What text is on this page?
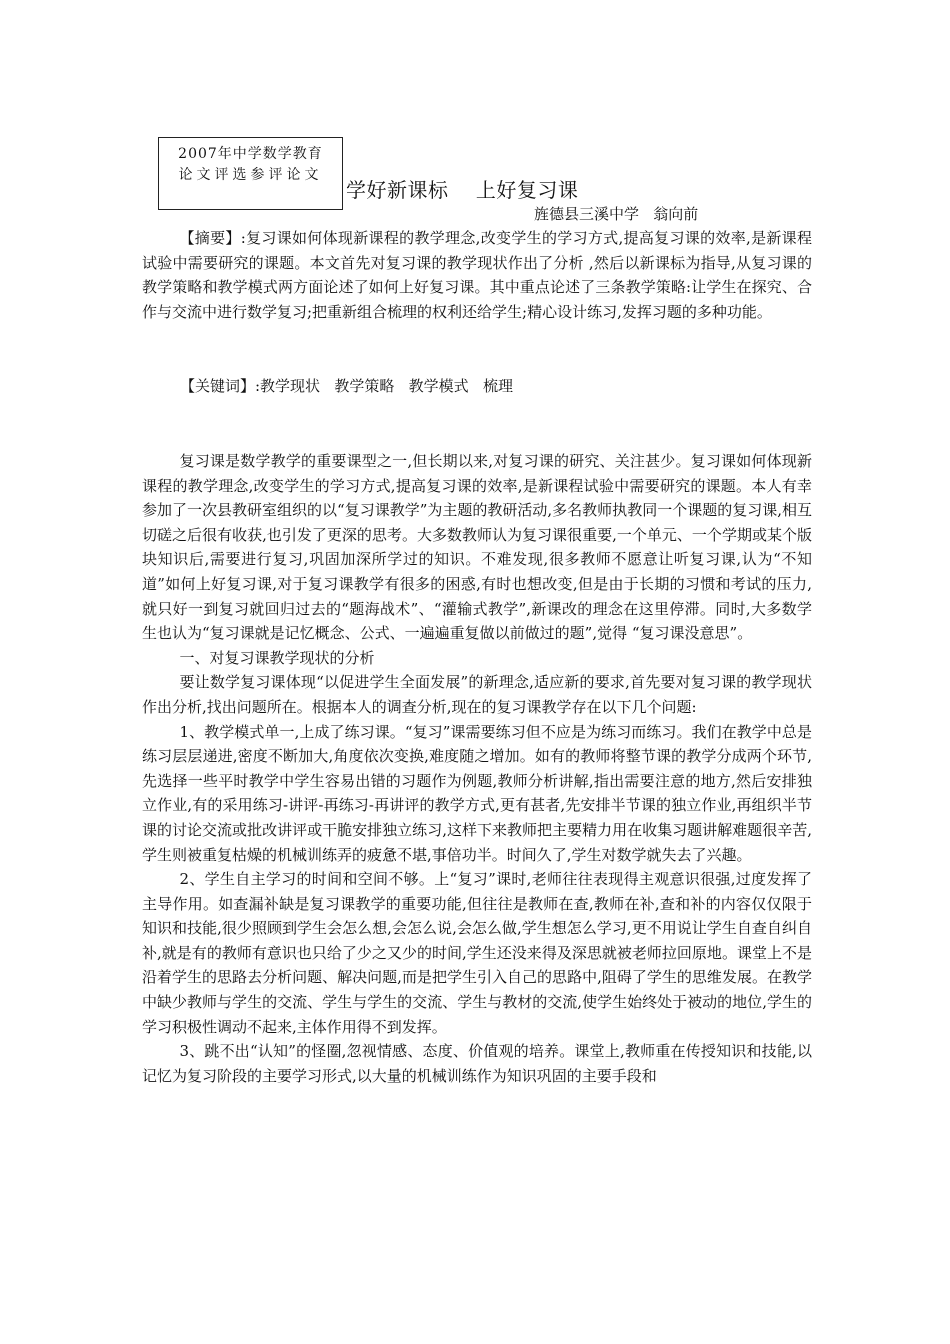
2007年中学数学教育
论文评选参评论文
学好新课标    上好复习课
旌德县三溪中学   翁向前

【摘要】:复习课如何体现新课程的教学理念,改变学生的学习方式,提高复习课的效率,是新课程试验中需要研究的课题。本文首先对复习课的教学现状作出了分析 ,然后以新课标为指导,从复习课的教学策略和教学模式两方面论述了如何上好复习课。其中重点论述了三条教学策略:让学生在探究、合作与交流中进行数学复习;把重新组合梳理的权利还给学生;精心设计练习,发挥习题的多种功能。

【关键词】:教学现状   教学策略   教学模式   梳理

复习课是数学教学的重要课型之一,但长期以来,对复习课的研究、关注甚少。复习课如何体现新课程的教学理念,改变学生的学习方式,提高复习课的效率,是新课程试验中需要研究的课题。本人有幸参加了一次县教研室组织的以“复习课教学”为主题的教研活动,多名教师执教同一个课题的复习课,相互切磋之后很有收获,也引发了更深的思考。大多数教师认为复习课很重要,一个单元、一个学期或某个版块知识后,需要进行复习,巩固加深所学过的知识。不难发现,很多教师不愿意让听复习课,认为“不知道”如何上好复习课,对于复习课教学有很多的困惑,有时也想改变,但是由于长期的习惯和考试的压力,就只好一到复习就回归过去的“题海战术”、“灌输式教学”,新课改的理念在这里停滞。同时,大多数学生也认为“复习课就是记忆概念、公式、一遍遍重复做以前做过的题”,觉得 “复习课没意思”。

一、对复习课教学现状的分析

要让数学复习课体现“以促进学生全面发展”的新理念,适应新的要求,首先要对复习课的教学现状作出分析,找出问题所在。根据本人的调查分析,现在的复习课教学存在以下几个问题:

1、教学模式单一,上成了练习课。“复习”课需要练习但不应是为练习而练习。我们在教学中总是练习层层递进,密度不断加大,角度依次变换,难度随之增加。如有的教师将整节课的教学分成两个环节,先选择一些平时教学中学生容易出错的习题作为例题,教师分析讲解,指出需要注意的地方,然后安排独立作业,有的采用练习-讲评-再练习-再讲评的教学方式,更有甚者,先安排半节课的独立作业,再组织半节课的讨论交流或批改讲评或干脆安排独立练习,这样下来教师把主要精力用在收集习题讲解难题很辛苦,学生则被重复枯燥的机械训练弄的疲惫不堪,事倍功半。时间久了,学生对数学就失去了兴趣。

2、学生自主学习的时间和空间不够。上“复习”课时,老师往往表现得主观意识很强,过度发挥了主导作用。如查漏补缺是复习课教学的重要功能,但往往是教师在查,教师在补,查和补的内容仅仅限于知识和技能,很少照顾到学生会怎么想,会怎么说,会怎么做,学生想怎么学习,更不用说让学生自查自纠自补,就是有的教师有意识也只给了少之又少的时间,学生还没来得及深思就被老师拉回原地。课堂上不是沿着学生的思路去分析问题、解决问题,而是把学生引入自己的思路中,阻碍了学生的思维发展。在教学中缺少教师与学生的交流、学生与学生的交流、学生与教材的交流,使学生始终处于被动的地位,学生的学习积极性调动不起来,主体作用得不到发挥。

3、跳不出“认知”的怪圈,忽视情感、态度、价值观的培养。课堂上,教师重在传授知识和技能,以记忆为复习阶段的主要学习形式,以大量的机械训练作为知识巩固的主要手段和
